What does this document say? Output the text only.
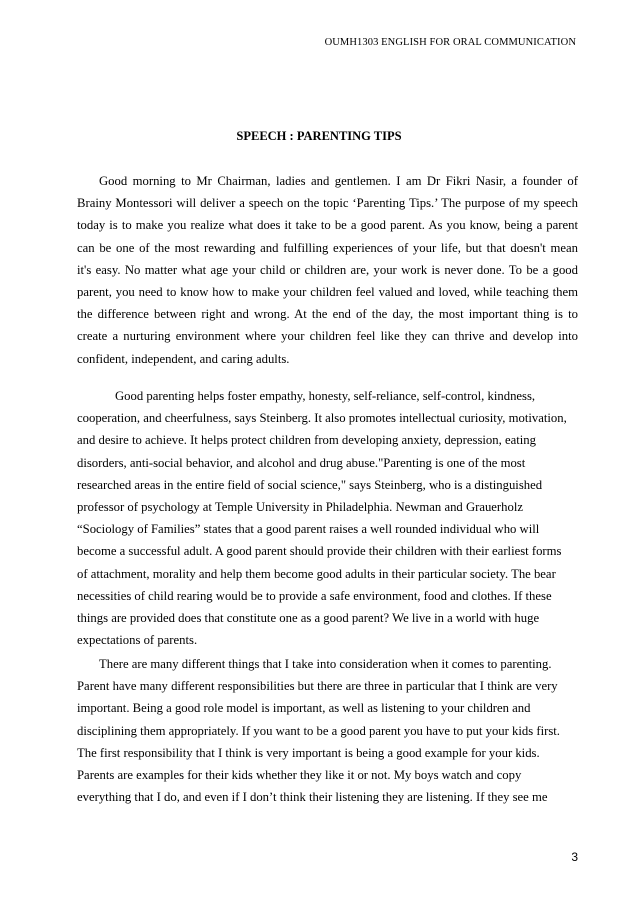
OUMH1303 ENGLISH FOR ORAL COMMUNICATION
SPEECH : PARENTING TIPS
Good morning to Mr Chairman, ladies and gentlemen. I am Dr Fikri Nasir, a founder of
Brainy Montessori will deliver a speech on the topic ‘Parenting Tips.’ The purpose of my speech
today is to make you realize what does it take to be a good parent. As you know, being a parent
can be one of the most rewarding and fulfilling experiences of your life, but that doesn't mean
it's easy. No matter what age your child or children are, your work is never done. To be a good
parent, you need to know how to make your children feel valued and loved, while teaching them
the difference between right and wrong. At the end of the day, the most important thing is to
create a nurturing environment where your children feel like they can thrive and develop into
confident, independent, and caring adults.
Good parenting helps foster empathy, honesty, self-reliance, self-control, kindness,
cooperation, and cheerfulness, says Steinberg. It also promotes intellectual curiosity, motivation,
and desire to achieve. It helps protect children from developing anxiety, depression, eating
disorders, anti-social behavior, and alcohol and drug abuse."Parenting is one of the most
researched areas in the entire field of social science," says Steinberg, who is a distinguished
professor of psychology at Temple University in Philadelphia. Newman and Grauerholz
“Sociology of Families” states that a good parent raises a well rounded individual who will
become a successful adult. A good parent should provide their children with their earliest forms
of attachment, morality and help them become good adults in their particular society. The bear
necessities of child rearing would be to provide a safe environment, food and clothes. If these
things are provided does that constitute one as a good parent? We live in a world with huge
expectations of parents.
There are many different things that I take into consideration when it comes to parenting.
Parent have many different responsibilities but there are three in particular that I think are very
important. Being a good role model is important, as well as listening to your children and
disciplining them appropriately. If you want to be a good parent you have to put your kids first.
The first responsibility that I think is very important is being a good example for your kids.
Parents are examples for their kids whether they like it or not. My boys watch and copy
everything that I do, and even if I don’t think their listening they are listening. If they see me
3
